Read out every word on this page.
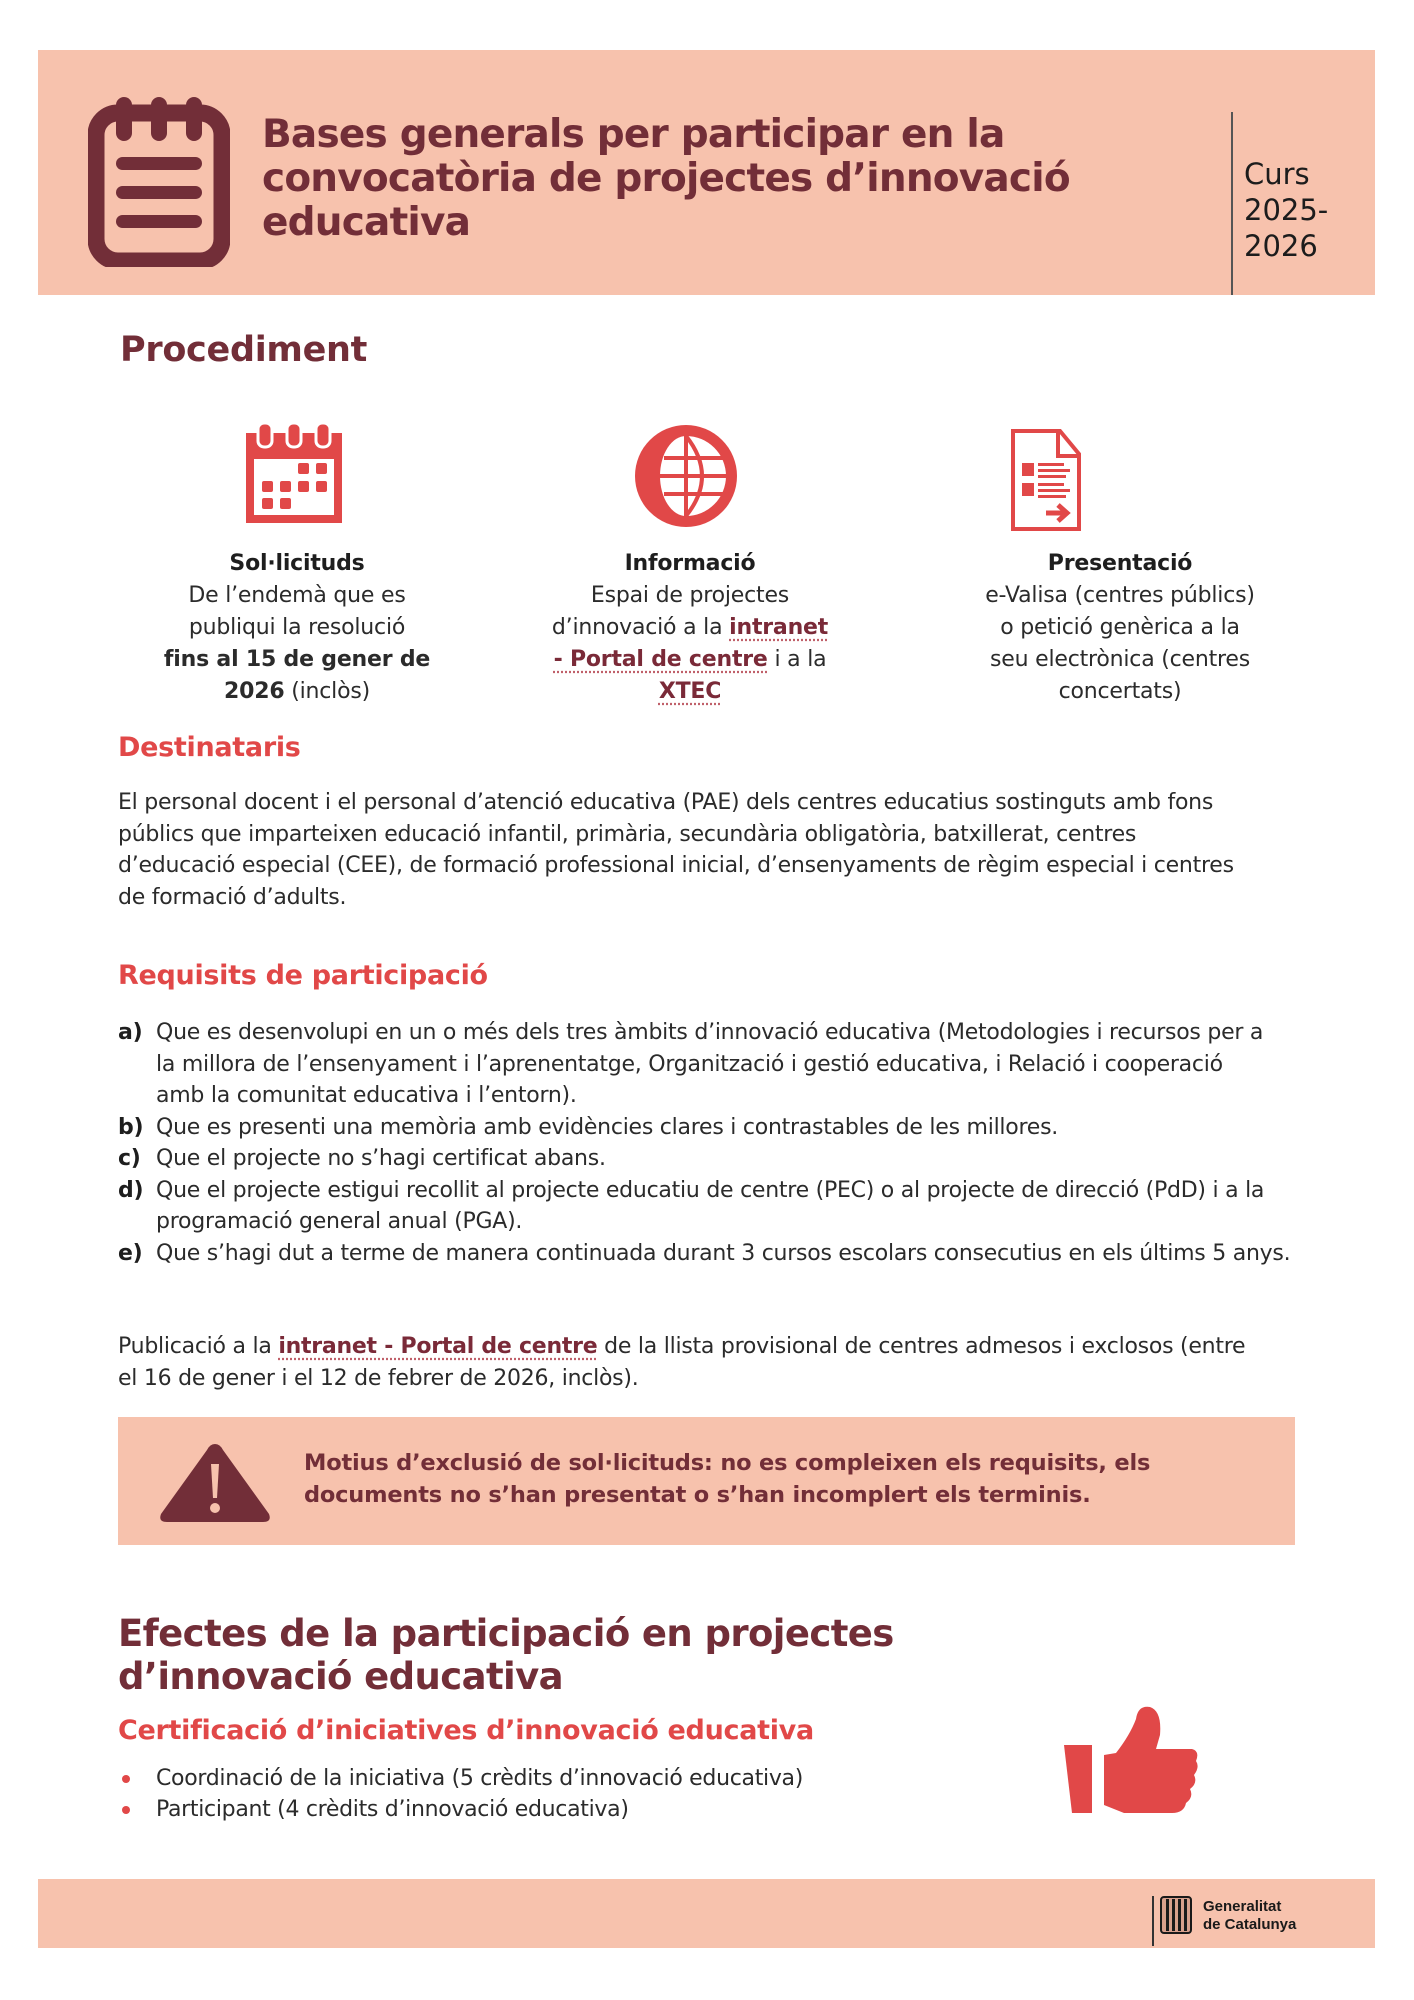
Bases generals per participar en la convocatòria de projectes d’innovació educativa
Curs
2025-
2026
Procediment
Sol·licituds
De l’endemà que es
publiqui la resolució
fins al 15 de gener de
2026 (inclòs)
Informació
Espai de projectes
d’innovació a la intranet
- Portal de centre i a la
XTEC
Presentació
e-Valisa (centres públics)
o petició genèrica a la
seu electrònica (centres
concertats)
Destinataris
El personal docent i el personal d’atenció educativa (PAE) dels centres educatius sostinguts amb fons públics que imparteixen educació infantil, primària, secundària obligatòria, batxillerat, centres d’educació especial (CEE), de formació professional inicial, d’ensenyaments de règim especial i centres de formació d’adults.
Requisits de participació
a) Que es desenvolupi en un o més dels tres àmbits d’innovació educativa (Metodologies i recursos per a la millora de l’ensenyament i l’aprenentatge, Organització i gestió educativa, i Relació i cooperació amb la comunitat educativa i l’entorn).
b) Que es presenti una memòria amb evidències clares i contrastables de les millores.
c) Que el projecte no s’hagi certificat abans.
d) Que el projecte estigui recollit al projecte educatiu de centre (PEC) o al projecte de direcció (PdD) i a la programació general anual (PGA).
e) Que s’hagi dut a terme de manera continuada durant 3 cursos escolars consecutius en els últims 5 anys.
Publicació a la intranet - Portal de centre de la llista provisional de centres admesos i exclosos (entre el 16 de gener i el 12 de febrer de 2026, inclòs).
Motius d’exclusió de sol·licituds: no es compleixen els requisits, els documents no s’han presentat o s’han incomplert els terminis.
Efectes de la participació en projectes d’innovació educativa
Certificació d’iniciatives d’innovació educativa
Coordinació de la iniciativa (5 crèdits d’innovació educativa)
Participant (4 crèdits d’innovació educativa)
Generalitat
de Catalunya
